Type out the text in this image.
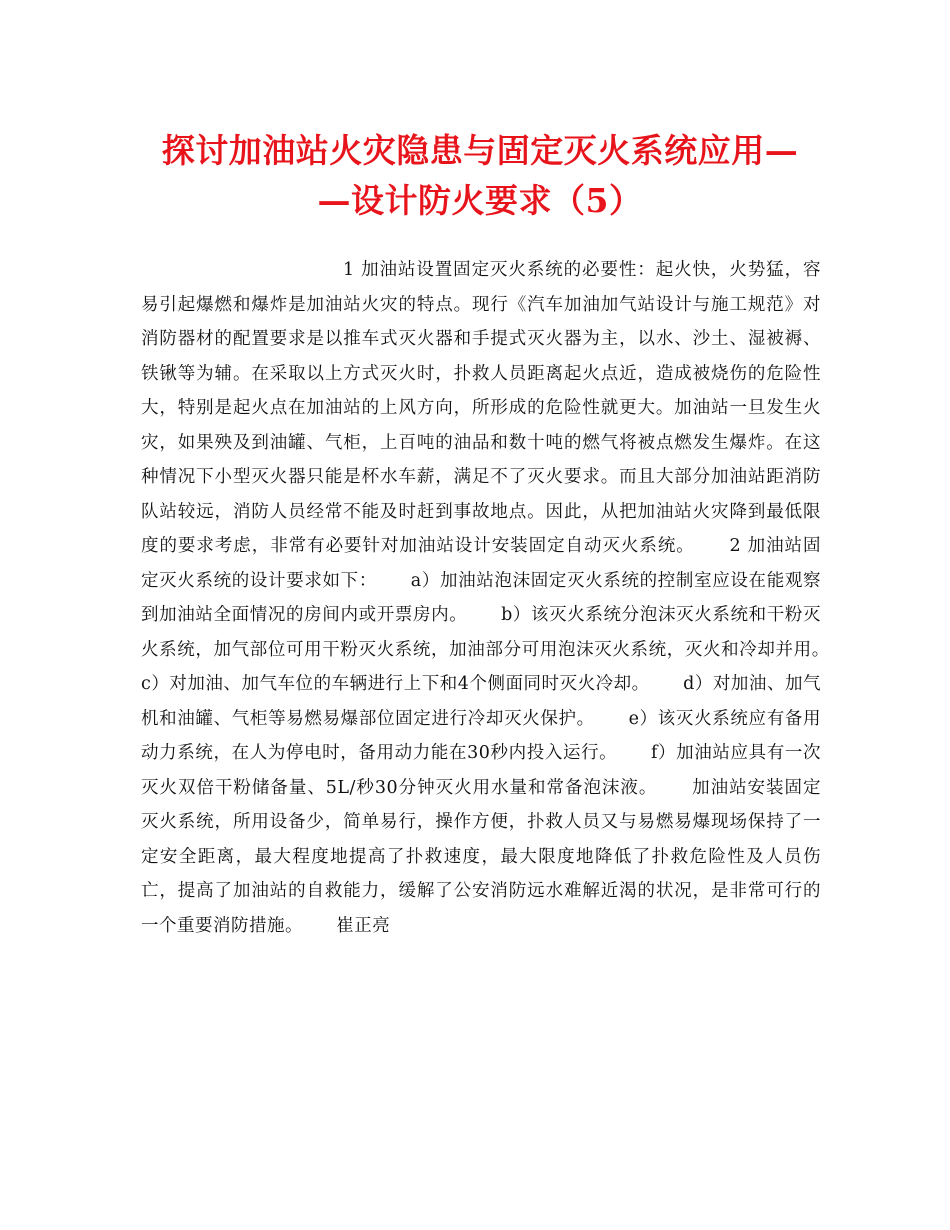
探讨加油站火灾隐患与固定灭火系统应用—
—设计防火要求（5）

1 加油站设置固定灭火系统的必要性：起火快，火势猛，容易引起爆燃和爆炸是加油站火灾的特点。现行《汽车加油加气站设计与施工规范》对消防器材的配置要求是以推车式灭火器和手提式灭火器为主，以水、沙土、湿被褥、铁锹等为辅。在采取以上方式灭火时，扑救人员距离起火点近，造成被烧伤的危险性大，特别是起火点在加油站的上风方向，所形成的危险性就更大。加油站一旦发生火灾，如果殃及到油罐、气柜，上百吨的油品和数十吨的燃气将被点燃发生爆炸。在这种情况下小型灭火器只能是杯水车薪，满足不了灭火要求。而且大部分加油站距消防队站较远，消防人员经常不能及时赶到事故地点。因此，从把加油站火灾降到最低限度的要求考虑，非常有必要针对加油站设计安装固定自动灭火系统。　　 2 加油站固定灭火系统的设计要求如下：　　 a）加油站泡沫固定灭火系统的控制室应设在能观察到加油站全面情况的房间内或开票房内。　　 b）该灭火系统分泡沫灭火系统和干粉灭火系统，加气部位可用干粉灭火系统，加油部分可用泡沫灭火系统，灭火和冷却并用。　　 c）对加油、加气车位的车辆进行上下和4个侧面同时灭火冷却。　　 d）对加油、加气机和油罐、气柜等易燃易爆部位固定进行冷却灭火保护。　　 e）该灭火系统应有备用动力系统，在人为停电时，备用动力能在30秒内投入运行。　　 f）加油站应具有一次灭火双倍干粉储备量、5L/秒30分钟灭火用水量和常备泡沫液。　　 加油站安装固定灭火系统，所用设备少，简单易行，操作方便，扑救人员又与易燃易爆现场保持了一定安全距离，最大程度地提高了扑救速度，最大限度地降低了扑救危险性及人员伤亡，提高了加油站的自救能力，缓解了公安消防远水难解近渴的状况，是非常可行的一个重要消防措施。　　 崔正亮
